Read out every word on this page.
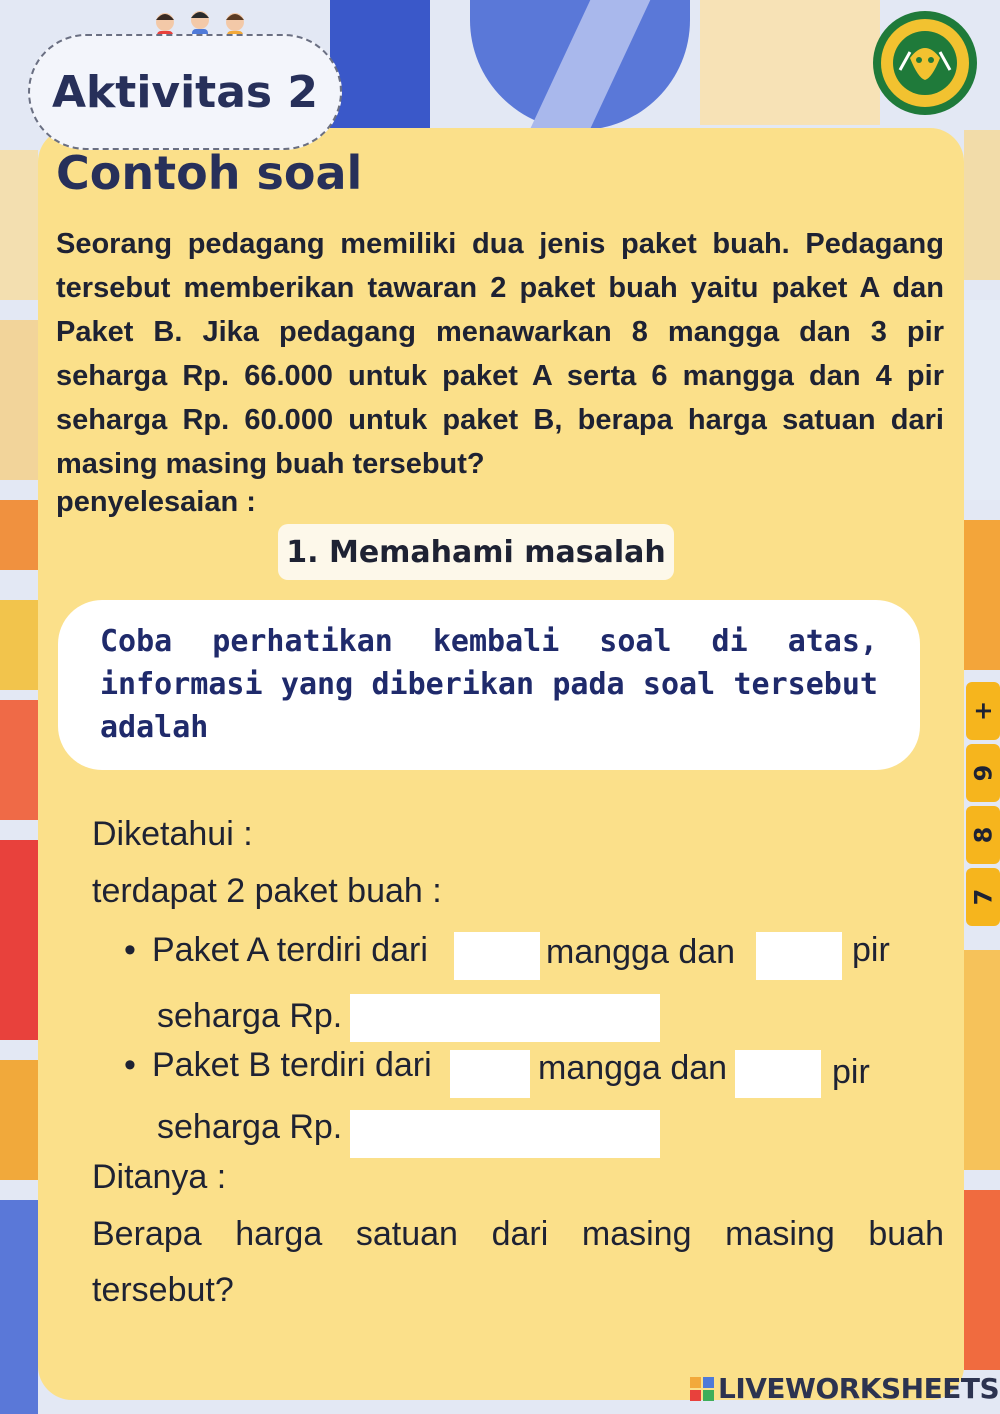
Aktivitas 2
Contoh soal
Seorang pedagang memiliki dua jenis paket buah. Pedagang tersebut memberikan tawaran 2 paket buah yaitu paket A dan Paket B. Jika pedagang menawarkan 8 mangga dan 3 pir seharga Rp. 66.000 untuk paket A serta 6 mangga dan 4 pir seharga Rp. 60.000 untuk paket B, berapa harga satuan dari masing masing buah tersebut?
penyelesaian :
1. Memahami masalah
Coba perhatikan kembali soal di atas, informasi yang diberikan pada soal tersebut adalah
Diketahui :
terdapat 2 paket buah :
• Paket A terdiri dari	mangga dan	pir
seharga Rp.
• Paket B terdiri dari	mangga dan	pir
seharga Rp.
Ditanya :
Berapa harga satuan dari masing masing buah tersebut?
+
9
8
7
LIVEWORKSHEETS
